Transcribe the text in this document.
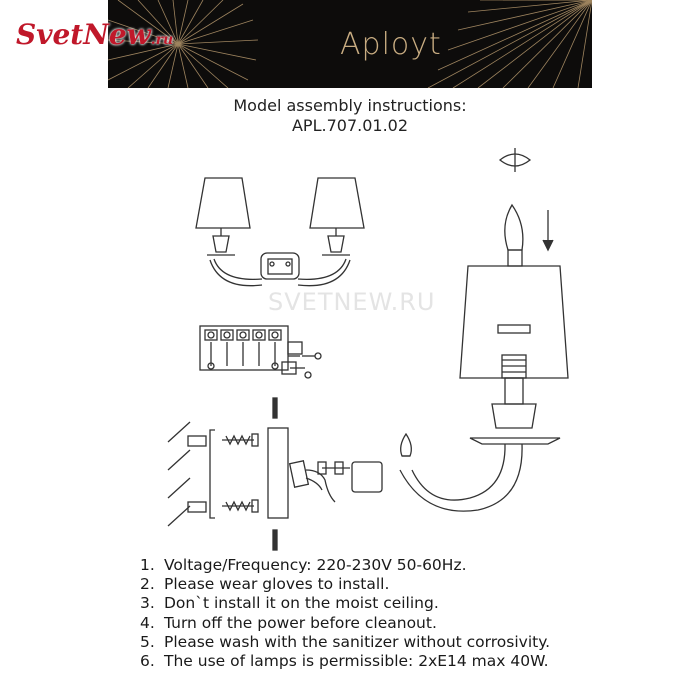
Aployt
SvetNew.ru
Model assembly instructions:
APL.707.01.02
SVETNEW.RU
1. Voltage/Frequency: 220-230V 50-60Hz.
2. Please wear gloves to install.
3. Don`t install it on the moist ceiling.
4. Turn off the power before cleanout.
5. Please wash with the sanitizer without corrosivity.
6. The use of lamps is permissible: 2xE14 max 40W.
